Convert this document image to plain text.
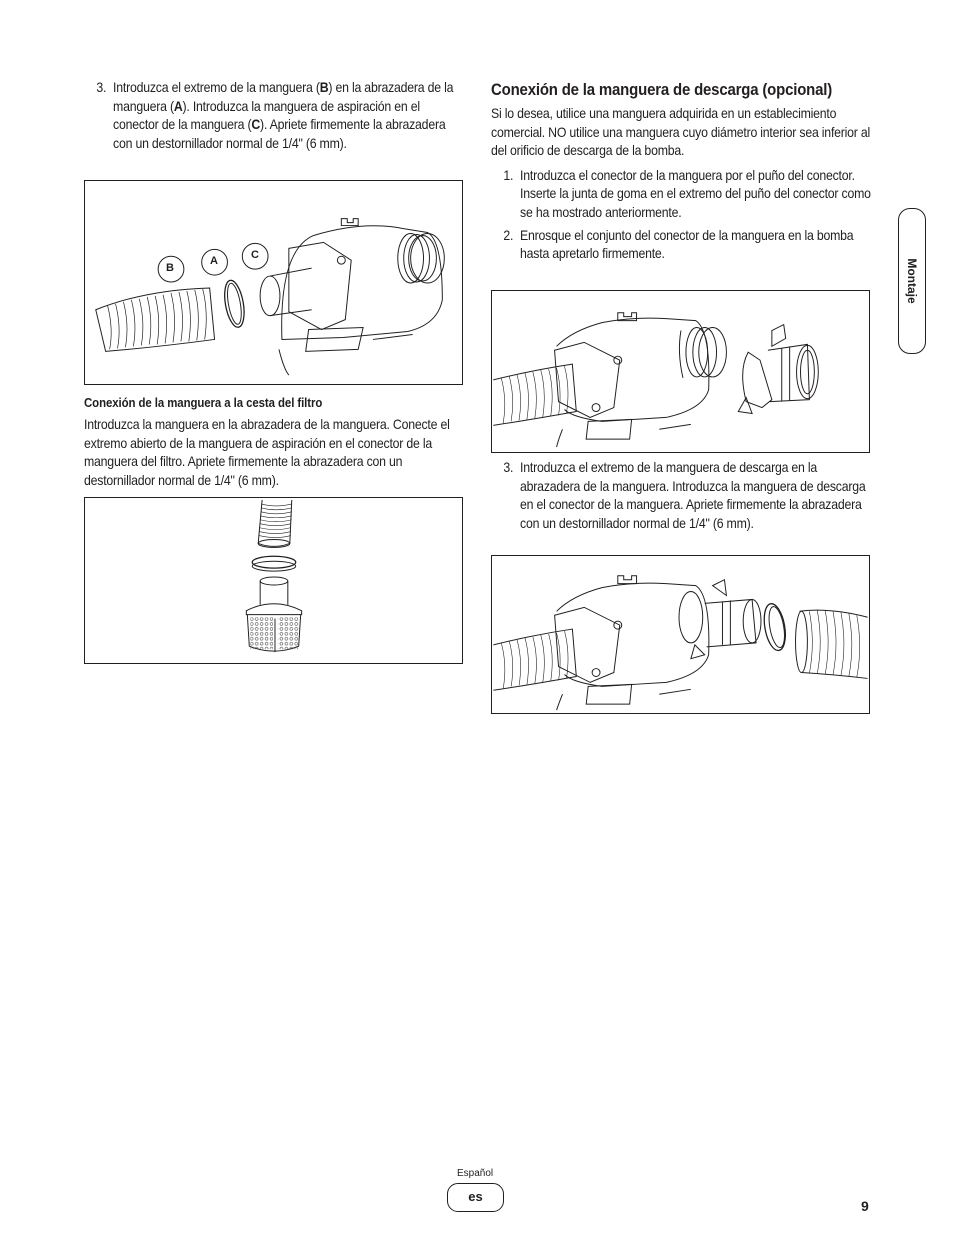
3. Introduzca el extremo de la manguera (B) en la abrazadera de la manguera (A). Introduzca la manguera de aspiración en el conector de la manguera (C). Apriete firmemente la abrazadera con un destornillador normal de 1/4" (6 mm).
B
A	C
Conexión de la manguera a la cesta del filtro

Introduzca la manguera en la abrazadera de la manguera. Conecte el extremo abierto de la manguera de aspiración en el conector de la manguera del filtro. Apriete firmemente la abrazadera con un destornillador normal de 1/4" (6 mm).

Conexión de la manguera de descarga (opcional)

Si lo desea, utilice una manguera adquirida en un establecimiento comercial. NO utilice una manguera cuyo diámetro interior sea inferior al del orificio de descarga de la bomba.

1. Introduzca el conector de la manguera por el puño del conector. Inserte la junta de goma en el extremo del puño del conector como se ha mostrado anteriormente.
2. Enrosque el conjunto del conector de la manguera en la bomba hasta apretarlo firmemente.
3. Introduzca el extremo de la manguera de descarga en la abrazadera de la manguera. Introduzca la manguera de descarga en el conector de la manguera. Apriete firmemente la abrazadera con un destornillador normal de 1/4" (6 mm).
Montaje
Español
es
9
